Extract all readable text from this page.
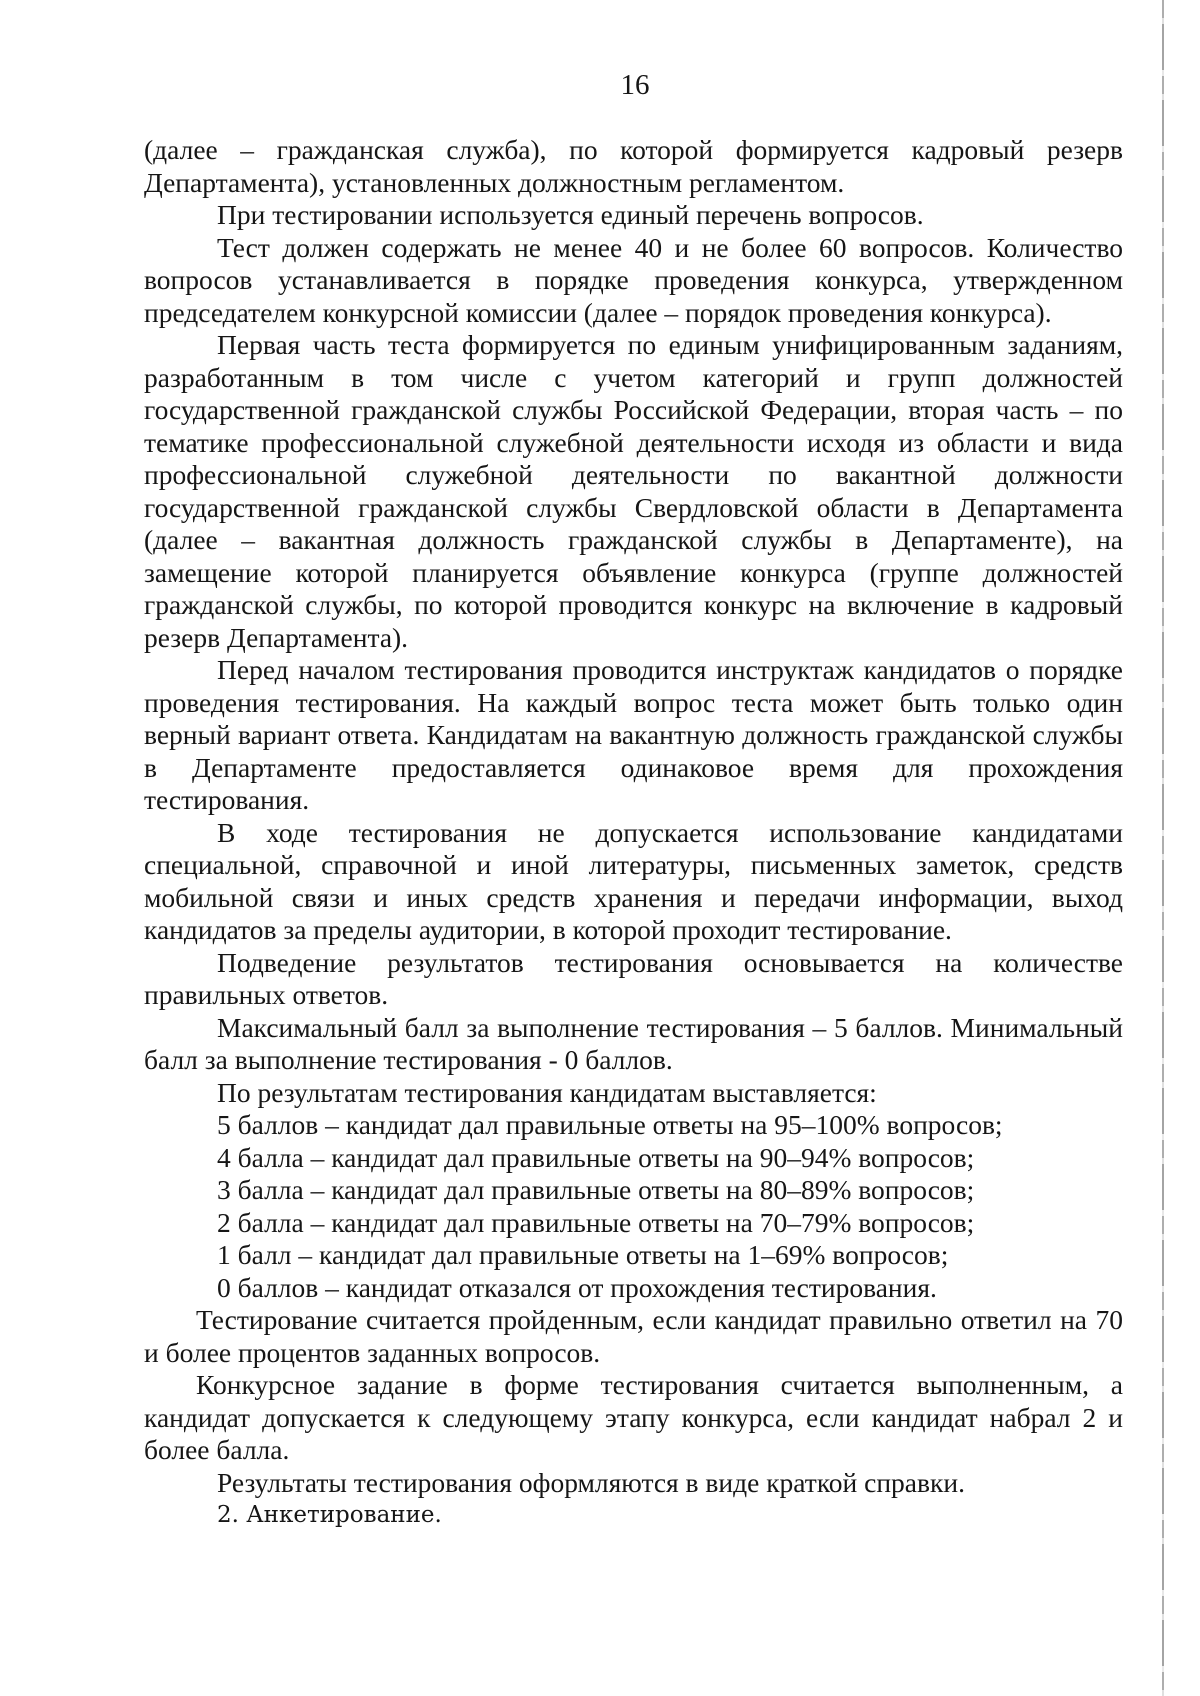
16

(далее – гражданская служба), по которой формируется кадровый резерв Департамента), установленных должностным регламентом.

При тестировании используется единый перечень вопросов.

Тест должен содержать не менее 40 и не более 60 вопросов. Количество вопросов устанавливается в порядке проведения конкурса, утвержденном председателем конкурсной комиссии (далее – порядок проведения конкурса).

Первая часть теста формируется по единым унифицированным заданиям, разработанным в том числе с учетом категорий и групп должностей государственной гражданской службы Российской Федерации, вторая часть – по тематике профессиональной служебной деятельности исходя из области и вида профессиональной служебной деятельности по вакантной должности государственной гражданской службы Свердловской области в Департамента (далее – вакантная должность гражданской службы в Департаменте), на замещение которой планируется объявление конкурса (группе должностей гражданской службы, по которой проводится конкурс на включение в кадровый резерв Департамента).

Перед началом тестирования проводится инструктаж кандидатов о порядке проведения тестирования. На каждый вопрос теста может быть только один верный вариант ответа. Кандидатам на вакантную должность гражданской службы в Департаменте предоставляется одинаковое время для прохождения тестирования.

В ходе тестирования не допускается использование кандидатами специальной, справочной и иной литературы, письменных заметок, средств мобильной связи и иных средств хранения и передачи информации, выход кандидатов за пределы аудитории, в которой проходит тестирование.

Подведение результатов тестирования основывается на количестве правильных ответов.

Максимальный балл за выполнение тестирования – 5 баллов. Минимальный балл за выполнение тестирования - 0 баллов.

По результатам тестирования кандидатам выставляется:

5 баллов – кандидат дал правильные ответы на 95–100% вопросов;

4 балла – кандидат дал правильные ответы на 90–94% вопросов;

3 балла – кандидат дал правильные ответы на 80–89% вопросов;

2 балла – кандидат дал правильные ответы на 70–79% вопросов;

1 балл – кандидат дал правильные ответы на 1–69% вопросов;

0 баллов – кандидат отказался от прохождения тестирования.

Тестирование считается пройденным, если кандидат правильно ответил на 70 и более процентов заданных вопросов.

Конкурсное задание в форме тестирования считается выполненным, а кандидат допускается к следующему этапу конкурса, если кандидат набрал 2 и более балла.

Результаты тестирования оформляются в виде краткой справки.

2. Анкетирование.
